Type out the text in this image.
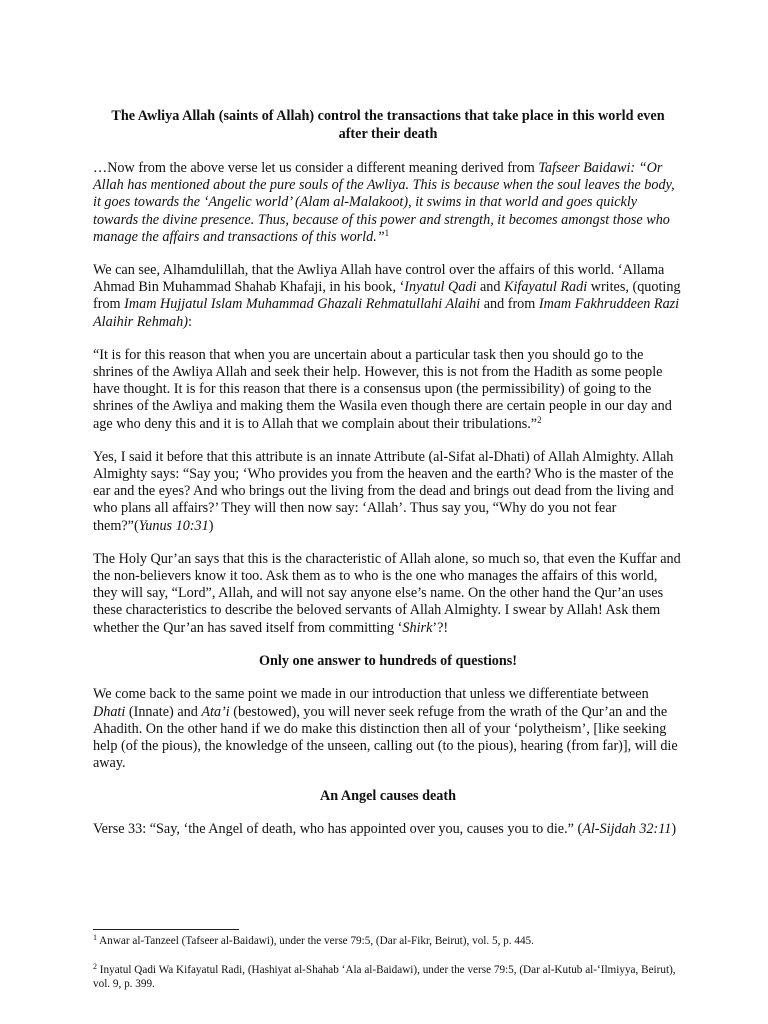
The Awliya Allah (saints of Allah) control the transactions that take place in this world even after their death

…Now from the above verse let us consider a different meaning derived from Tafseer Baidawi: “Or Allah has mentioned about the pure souls of the Awliya. This is because when the soul leaves the body, it goes towards the ‘Angelic world’ (Alam al-Malakoot), it swims in that world and goes quickly towards the divine presence. Thus, because of this power and strength, it becomes amongst those who manage the affairs and transactions of this world.”$^1$

We can see, Alhamdulillah, that the Awliya Allah have control over the affairs of this world. ‘Allama Ahmad Bin Muhammad Shahab Khafaji, in his book, ‘Inyatul Qadi and Kifayatul Radi writes, (quoting from Imam Hujjatul Islam Muhammad Ghazali Rehmatullahi Alaihi and from Imam Fakhruddeen Razi Alaihir Rehmah):

“It is for this reason that when you are uncertain about a particular task then you should go to the shrines of the Awliya Allah and seek their help. However, this is not from the Hadith as some people have thought. It is for this reason that there is a consensus upon (the permissibility) of going to the shrines of the Awliya and making them the Wasila even though there are certain people in our day and age who deny this and it is to Allah that we complain about their tribulations.”$^2$

Yes, I said it before that this attribute is an innate Attribute (al-Sifat al-Dhati) of Allah Almighty. Allah Almighty says: “Say you; ‘Who provides you from the heaven and the earth? Who is the master of the ear and the eyes? And who brings out the living from the dead and brings out dead from the living and who plans all affairs?’ They will then now say: ‘Allah’. Thus say you, “Why do you not fear them?”(Yunus 10:31)

The Holy Qur’an says that this is the characteristic of Allah alone, so much so, that even the Kuffar and the non-believers know it too. Ask them as to who is the one who manages the affairs of this world, they will say, “Lord”, Allah, and will not say anyone else’s name. On the other hand the Qur’an uses these characteristics to describe the beloved servants of Allah Almighty. I swear by Allah! Ask them whether the Qur’an has saved itself from committing ‘Shirk’?!

Only one answer to hundreds of questions!

We come back to the same point we made in our introduction that unless we differentiate between Dhati (Innate) and Ata’i (bestowed), you will never seek refuge from the wrath of the Qur’an and the Ahadith. On the other hand if we do make this distinction then all of your ‘polytheism’, [like seeking help (of the pious), the knowledge of the unseen, calling out (to the pious), hearing (from far)], will die away.

An Angel causes death

Verse 33: “Say, ‘the Angel of death, who has appointed over you, causes you to die.” (Al-Sijdah 32:11)

$^1$ Anwar al-Tanzeel (Tafseer al-Baidawi), under the verse 79:5, (Dar al-Fikr, Beirut), vol. 5, p. 445.

$^2$ Inyatul Qadi Wa Kifayatul Radi, (Hashiyat al-Shahab ‘Ala al-Baidawi), under the verse 79:5, (Dar al-Kutub al-‘Ilmiyya, Beirut), vol. 9, p. 399.
